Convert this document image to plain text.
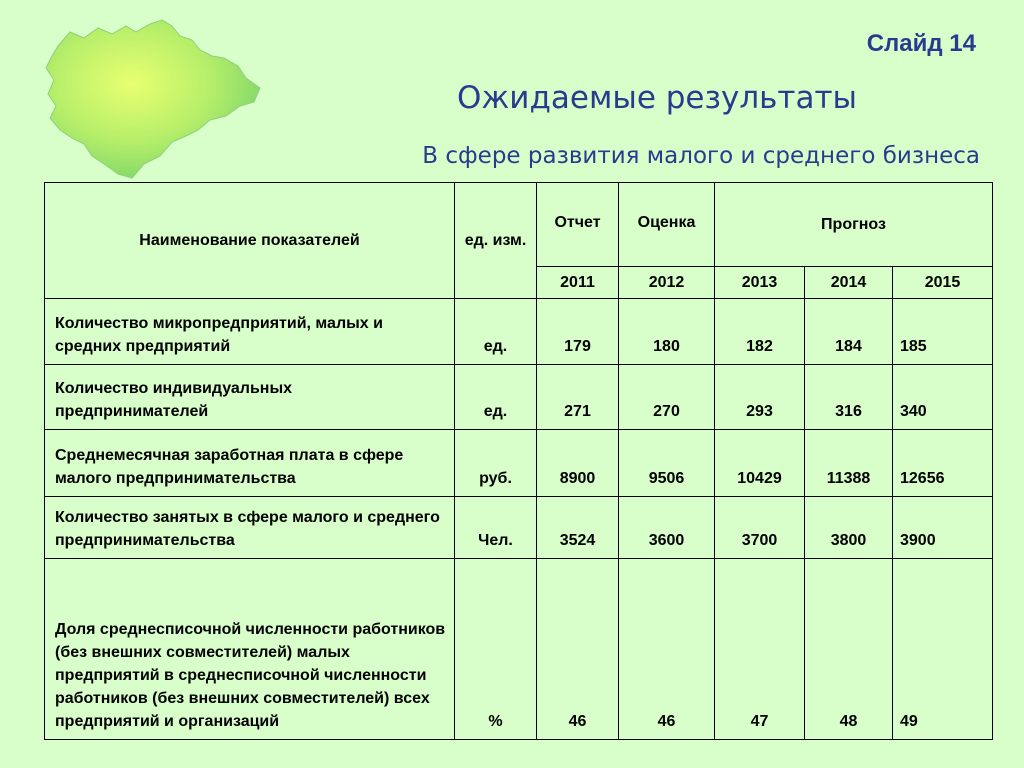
Слайд 14
Ожидаемые результаты
В сфере развития малого и среднего бизнеса
Наименование показателей	ед. изм.	Отчет	Оценка	Прогноз		
		2011	2012	2013	2014	2015
Количество микропредприятий, малых и средних предприятий	ед.	179	180	182	184	185
Количество индивидуальных предпринимателей	ед.	271	270	293	316	340
Среднемесячная заработная плата в сфере малого предпринимательства	руб.	8900	9506	10429	11388	12656
Количество занятых в сфере малого и среднего предпринимательства	Чел.	3524	3600	3700	3800	3900
Доля среднесписочной численности работников (без внешних совместителей) малых предприятий в среднесписочной численности работников (без внешних совместителей) всех предприятий и организаций	%	46	46	47	48	49
